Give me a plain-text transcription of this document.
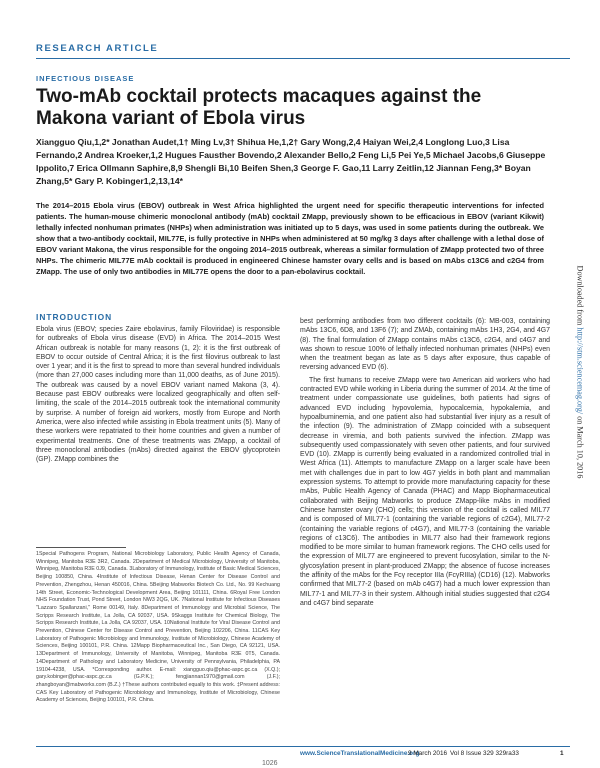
RESEARCH ARTICLE
INFECTIOUS DISEASE
Two-mAb cocktail protects macaques against the Makona variant of Ebola virus
Xiangguo Qiu,1,2* Jonathan Audet,1† Ming Lv,3† Shihua He,1,2† Gary Wong,2,4 Haiyan Wei,2,4 Longlong Luo,3 Lisa Fernando,2 Andrea Kroeker,1,2 Hugues Fausther Bovendo,2 Alexander Bello,2 Feng Li,5 Pei Ye,5 Michael Jacobs,6 Giuseppe Ippolito,7 Erica Ollmann Saphire,8,9 Shengli Bi,10 Beifen Shen,3 George F. Gao,11 Larry Zeitlin,12 Jiannan Feng,3* Boyan Zhang,5* Gary P. Kobinger1,2,13,14*
The 2014–2015 Ebola virus (EBOV) outbreak in West Africa highlighted the urgent need for specific therapeutic interventions for infected patients. The human-mouse chimeric monoclonal antibody (mAb) cocktail ZMapp, previously shown to be efficacious in EBOV (variant Kikwit) lethally infected nonhuman primates (NHPs) when administration was initiated up to 5 days, was used in some patients during the outbreak. We show that a two-antibody cocktail, MIL77E, is fully protective in NHPs when administered at 50 mg/kg 3 days after challenge with a lethal dose of EBOV variant Makona, the virus responsible for the ongoing 2014–2015 outbreak, whereas a similar formulation of ZMapp protected two of three NHPs. The chimeric MIL77E mAb cocktail is produced in engineered Chinese hamster ovary cells and is based on mAbs c13C6 and c2G4 from ZMapp. The use of only two antibodies in MIL77E opens the door to a pan-ebolavirus cocktail.
INTRODUCTION

Ebola virus (EBOV; species Zaire ebolavirus, family Filoviridae) is responsible for outbreaks of Ebola virus disease (EVD) in Africa. The 2014–2015 West African outbreak is notable for many reasons (1, 2): it is the first outbreak of EBOV to occur outside of Central Africa; it is the first filovirus outbreak to last over 1 year; and it is the first to spread to more than several hundred individuals (more than 27,000 cases including more than 11,000 deaths, as of June 2015). The outbreak was caused by a novel EBOV variant named Makona (3, 4). Because past EBOV outbreaks were localized geographically and often self-limiting, the scale of the 2014–2015 outbreak took the international community by surprise. A number of foreign aid workers, mostly from Europe and North America, were also infected while assisting in Ebola treatment units (5). Many of these workers were repatriated to their home countries and given a number of experimental treatments. One of these treatments was ZMapp, a cocktail of three monoclonal antibodies (mAbs) directed against the EBOV glycoprotein (GP). ZMapp combines the

1Special Pathogens Program, National Microbiology Laboratory, Public Health Agency of Canada, Winnipeg, Manitoba R3E 3R2, Canada. 2Department of Medical Microbiology, University of Manitoba, Winnipeg, Manitoba R3E 0J9, Canada. 3Laboratory of Immunology, Institute of Basic Medical Sciences, Beijing 100850, China. 4Institute of Infectious Disease, Henan Center for Disease Control and Prevention, Zhengzhou, Henan 450016, China. 5Beijing Mabworks Biotech Co. Ltd., No. 99 Kechuang 14th Street, Economic-Technological Development Area, Beijing 101111, China. 6Royal Free London NHS Foundation Trust, Pond Street, London NW3 2QG, UK. 7National Institute for Infectious Diseases "Lazzaro Spallanzani," Rome 00149, Italy. 8Department of Immunology and Microbial Science, The Scripps Research Institute, La Jolla, CA 92037, USA. 9Skaggs Institute for Chemical Biology, The Scripps Research Institute, La Jolla, CA 92037, USA. 10National Institute for Viral Disease Control and Prevention, Chinese Center for Disease Control and Prevention, Beijing 102206, China. 11CAS Key Laboratory of Pathogenic Microbiology and Immunology, Institute of Microbiology, Chinese Academy of Sciences, Beijing 100101, P.R. China. 12Mapp Biopharmaceutical Inc., San Diego, CA 92121, USA. 13Department of Immunology, University of Manitoba, Winnipeg, Manitoba R3E 0T5, Canada. 14Department of Pathology and Laboratory Medicine, University of Pennsylvania, Philadelphia, PA 19104-4238, USA. *Corresponding author. E-mail: xiangguo.qiu@phac-aspc.gc.ca (X.Q.); gary.kobinger@phac-aspc.gc.ca (G.P.K.); fengjiannan1970@gmail.com (J.F.); zhangboyan@mabworks.com (B.Z.) †These authors contributed equally to this work. ‡Present address: CAS Key Laboratory of Pathogenic Microbiology and Immunology, Institute of Microbiology, Chinese Academy of Sciences, Beijing 100101, P.R. China.

best performing antibodies from two different cocktails (6): MB-003, containing mAbs 13C6, 6D8, and 13F6 (7); and ZMAb, containing mAbs 1H3, 2G4, and 4G7 (8). The final formulation of ZMapp contains mAbs c13C6, c2G4, and c4G7 and was shown to rescue 100% of lethally infected nonhuman primates (NHPs) even when the treatment began as late as 5 days after exposure, thus capable of reversing advanced EVD (6).

The first humans to receive ZMapp were two American aid workers who had contracted EVD while working in Liberia during the summer of 2014. At the time of treatment under compassionate use guidelines, both patients had signs of advanced EVD including hypovolemia, hypocalcemia, hypokalemia, and hypoalbuminemia, and one patient also had substantial liver injury as a result of the infection (9). The administration of ZMapp coincided with a subsequent decrease in viremia, and both patients survived the infection. ZMapp was subsequently used compassionately with seven other patients, and four survived EVD (10). ZMapp is currently being evaluated in a randomized controlled trial in West Africa (11). Attempts to manufacture ZMapp on a larger scale have been met with challenges due in part to low 4G7 yields in both plant and mammalian expression systems. To attempt to provide more manufacturing capacity for these mAbs, Public Health Agency of Canada (PHAC) and Mapp Biopharmaceutical collaborated with Beijing Mabworks to produce ZMapp-like mAbs in modified Chinese hamster ovary (CHO) cells; this version of the cocktail is called MIL77 and is composed of MIL77-1 (containing the variable regions of c2G4), MIL77-2 (containing the variable regions of c4G7), and MIL77-3 (containing the variable regions of c13C6). The antibodies in MIL77 also had their framework regions modified to be more similar to human framework regions. The CHO cells used for the expression of MIL77 are engineered to prevent fucosylation, similar to the N-glycosylation present in plant-produced ZMapp; the absence of fucose increases the affinity of the mAbs for the Fcγ receptor IIIa (FcγRIIIa) (CD16) (12). Mabworks confirmed that MIL77-2 (based on mAb c4G7) had a much lower expression than MIL77-1 and MIL77-3 in their system. Although initial studies suggested that c2G4 and c4G7 bind separate

Downloaded from http://stm.sciencemag.org/ on March 10, 2016
www.ScienceTranslationalMedicine.org
9 March 2016 Vol 8 Issue 329 329ra33	1
1026
